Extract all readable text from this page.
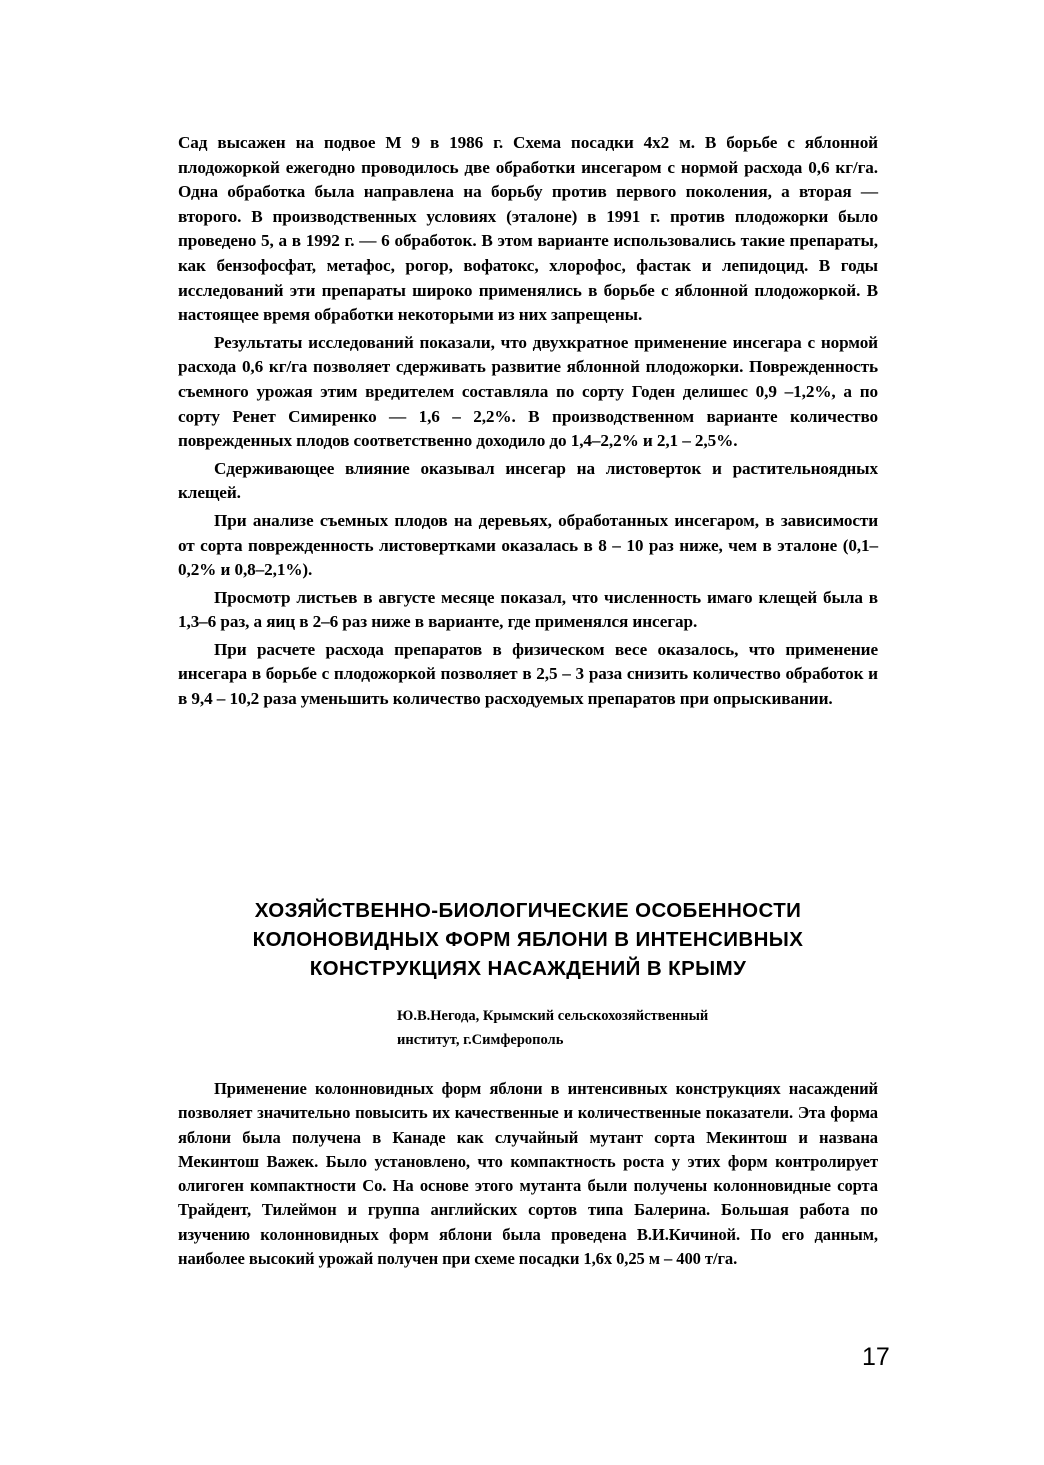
Сад высажен на подвое М 9 в 1986 г. Схема посадки 4х2 м. В борьбе с яблонной плодожоркой ежегодно проводилось две обработки инсегаром с нормой расхода 0,6 кг/га. Одна обработка была направлена на борьбу против первого поколения, а вторая — второго. В производственных условиях (эталоне) в 1991 г. против плодожорки было проведено 5, а в 1992 г. — 6 обработок. В этом варианте использовались такие препараты, как бензофосфат, метафос, рогор, вофатокс, хлорофос, фастак и лепидоцид. В годы исследований эти препараты широко применялись в борьбе с яблонной плодожоркой. В настоящее время обработки некоторыми из них запрещены.

Результаты исследований показали, что двухкратное применение инсегара с нормой расхода 0,6 кг/га позволяет сдерживать развитие яблонной плодожорки. Поврежденность съемного урожая этим вредителем составляла по сорту Годен делишес 0,9 –1,2%, а по сорту Ренет Симиренко — 1,6 – 2,2%. В производственном варианте количество поврежденных плодов соответственно доходило до 1,4–2,2% и 2,1 – 2,5%.

Сдерживающее влияние оказывал инсегар на листоверток и растительноядных клещей.

При анализе съемных плодов на деревьях, обработанных инсегаром, в зависимости от сорта поврежденность листовертками оказалась в 8 – 10 раз ниже, чем в эталоне (0,1–0,2% и 0,8–2,1%).

Просмотр листьев в августе месяце показал, что численность имаго клещей была в 1,3–6 раз, а яиц в 2–6 раз ниже в варианте, где применялся инсегар.

При расчете расхода препаратов в физическом весе оказалось, что применение инсегара в борьбе с плодожоркой позволяет в 2,5 – 3 раза снизить количество обработок и в 9,4 – 10,2 раза уменьшить количество расходуемых препаратов при опрыскивании.

ХОЗЯЙСТВЕННО-БИОЛОГИЧЕСКИЕ ОСОБЕННОСТИ
КОЛОНОВИДНЫХ ФОРМ ЯБЛОНИ В ИНТЕНСИВНЫХ
КОНСТРУКЦИЯХ НАСАЖДЕНИЙ В КРЫМУ
Ю.В.Негода, Крымский сельскохозяйственный
институт, г.Симферополь

Применение колонновидных форм яблони в интенсивных конструкциях насаждений позволяет значительно повысить их качественные и количественные показатели. Эта форма яблони была получена в Канаде как случайный мутант сорта Мекинтош и названа Мекинтош Важек. Было установлено, что компактность роста у этих форм контролирует олигоген компактности Со. На основе этого мутанта были получены колонновидные сорта Трайдент, Тилеймон и группа английских сортов типа Балерина. Большая работа по изучению колонновидных форм яблони была проведена В.И.Кичиной. По его данным, наиболее высокий урожай получен при схеме посадки 1,6х 0,25 м – 400 т/га.

17
